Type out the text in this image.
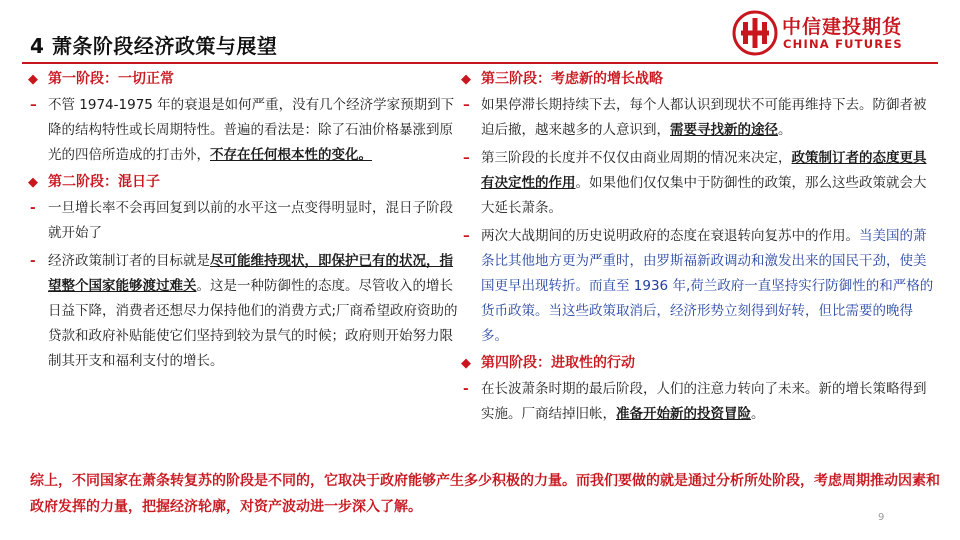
4 萧条阶段经济政策与展望
中信建投期货
CHINA FUTURES
◆ 第一阶段：一切正常
– 不管 1974-1975 年的衰退是如何严重，没有几个经济学家预期到下降的结构特性或长周期特性。普遍的看法是：除了石油价格暴涨到原光的四倍所造成的打击外，不存在任何根本性的变化。
◆ 第二阶段：混日子
- 一旦增长率不会再回复到以前的水平这一点变得明显时，混日子阶段就开始了
- 经济政策制订者的目标就是尽可能维持现状，即保护已有的状况，指望整个国家能够渡过难关。这是一种防御性的态度。尽管收入的增长日益下降，消费者还想尽力保持他们的消费方式;厂商希望政府资助的贷款和政府补贴能使它们坚持到较为景气的时候；政府则开始努力限制其开支和福利支付的增长。
◆ 第三阶段：考虑新的增长战略
– 如果停滞长期持续下去，每个人都认识到现状不可能再维持下去。防御者被迫后撤，越来越多的人意识到，需要寻找新的途径。
– 第三阶段的长度并不仅仅由商业周期的情况来决定，政策制订者的态度更具有决定性的作用。如果他们仅仅集中于防御性的政策，那么这些政策就会大大延长萧条。
– 两次大战期间的历史说明政府的态度在衰退转向复苏中的作用。当美国的萧条比其他地方更为严重时，由罗斯福新政调动和激发出来的国民干劲，使美国更早出现转折。而直至 1936 年,荷兰政府一直坚持实行防御性的和严格的货币政策。当这些政策取消后，经济形势立刻得到好转，但比需要的晚得多。
◆ 第四阶段：进取性的行动
- 在长波萧条时期的最后阶段，人们的注意力转向了未来。新的增长策略得到实施。厂商结掉旧帐，准备开始新的投资冒险。
综上，不同国家在萧条转复苏的阶段是不同的，它取决于政府能够产生多少积极的力量。而我们要做的就是通过分析所处阶段，考虑周期推动因素和政府发挥的力量，把握经济轮廓，对资产波动进一步深入了解。
9
